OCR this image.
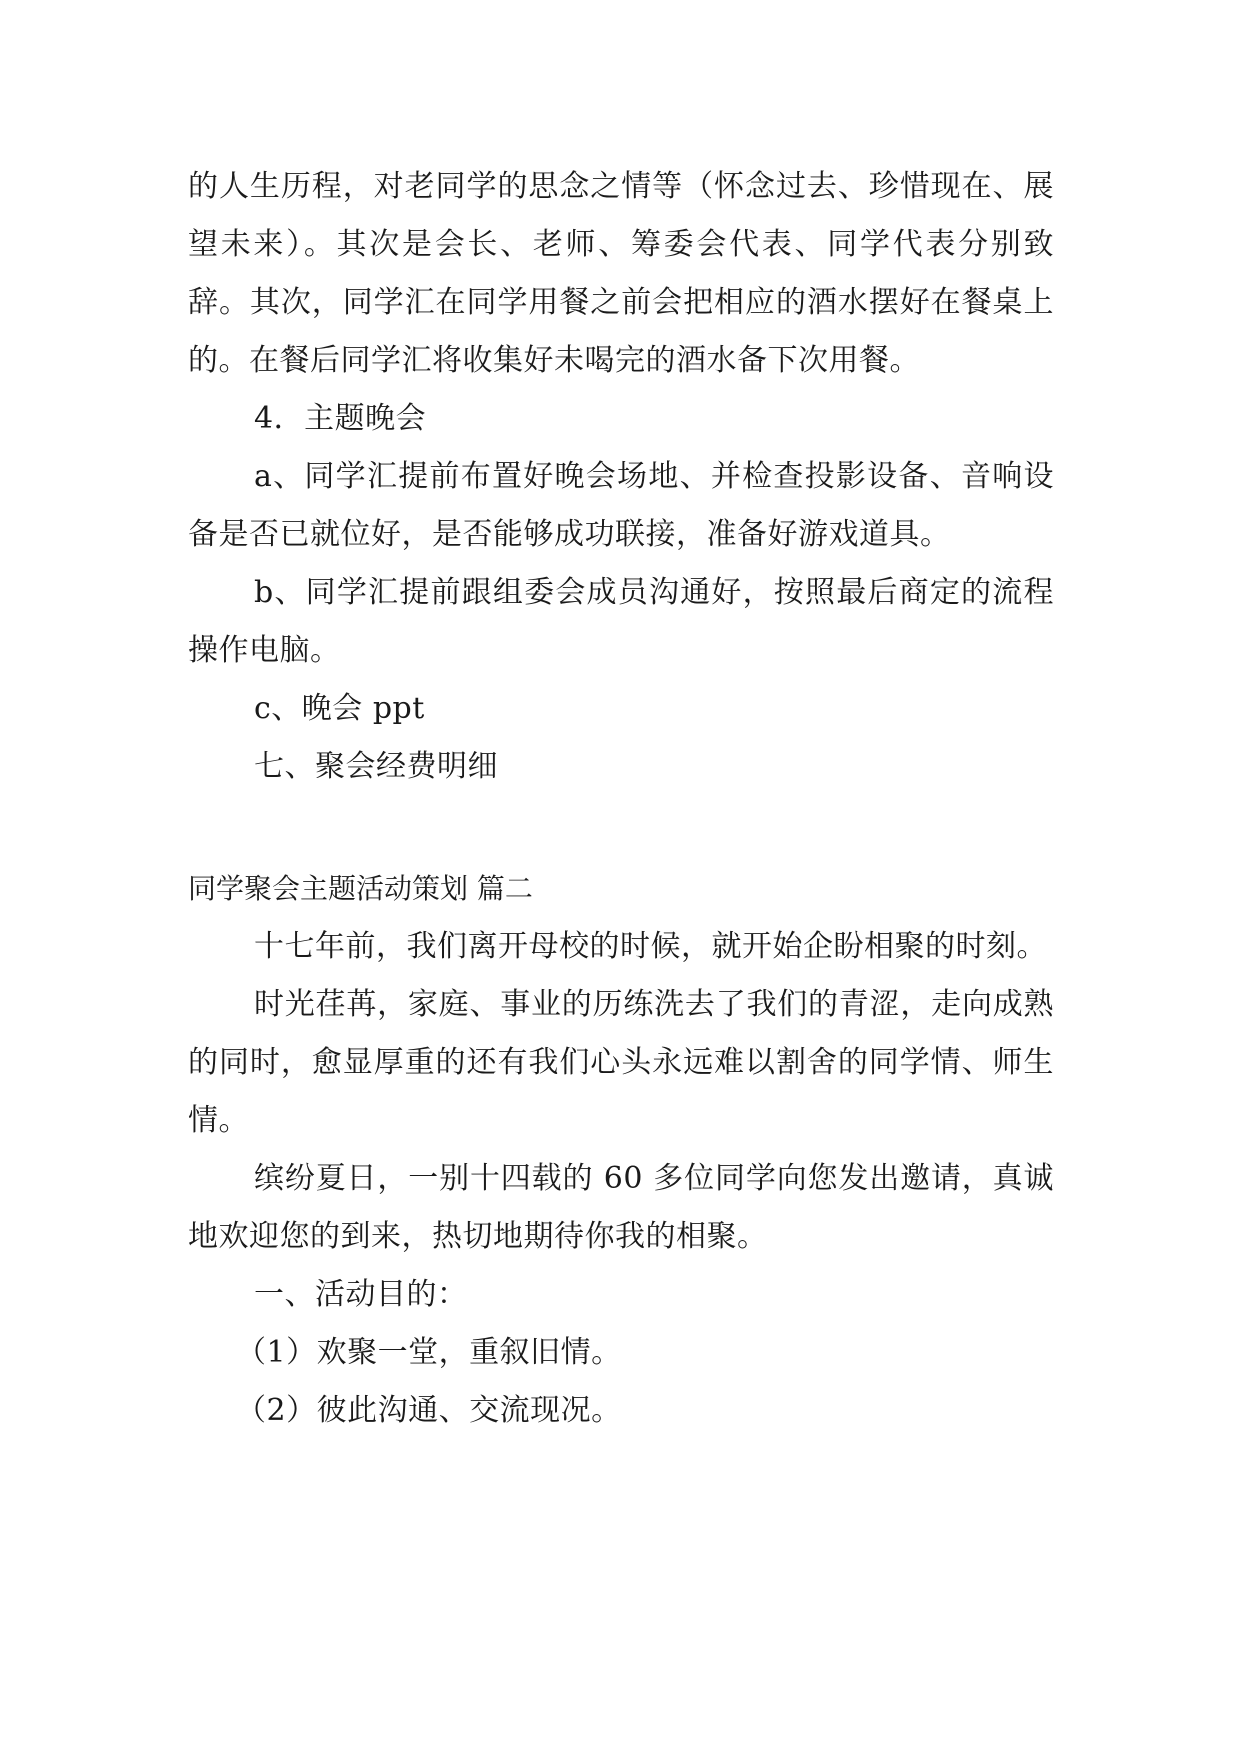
的人生历程，对老同学的思念之情等（怀念过去、珍惜现在、展望未来）。其次是会长、老师、筹委会代表、同学代表分别致辞。其次，同学汇在同学用餐之前会把相应的酒水摆好在餐桌上的。在餐后同学汇将收集好未喝完的酒水备下次用餐。

4．主题晚会

a、同学汇提前布置好晚会场地、并检查投影设备、音响设备是否已就位好，是否能够成功联接，准备好游戏道具。

b、同学汇提前跟组委会成员沟通好，按照最后商定的流程操作电脑。

c、晚会 ppt

七、聚会经费明细

同学聚会主题活动策划 篇二

十七年前，我们离开母校的时候，就开始企盼相聚的时刻。

时光荏苒，家庭、事业的历练洗去了我们的青涩，走向成熟的同时，愈显厚重的还有我们心头永远难以割舍的同学情、师生情。

缤纷夏日，一别十四载的 60 多位同学向您发出邀请，真诚地欢迎您的到来，热切地期待你我的相聚。

一、活动目的：

（1）欢聚一堂，重叙旧情。

（2）彼此沟通、交流现况。
